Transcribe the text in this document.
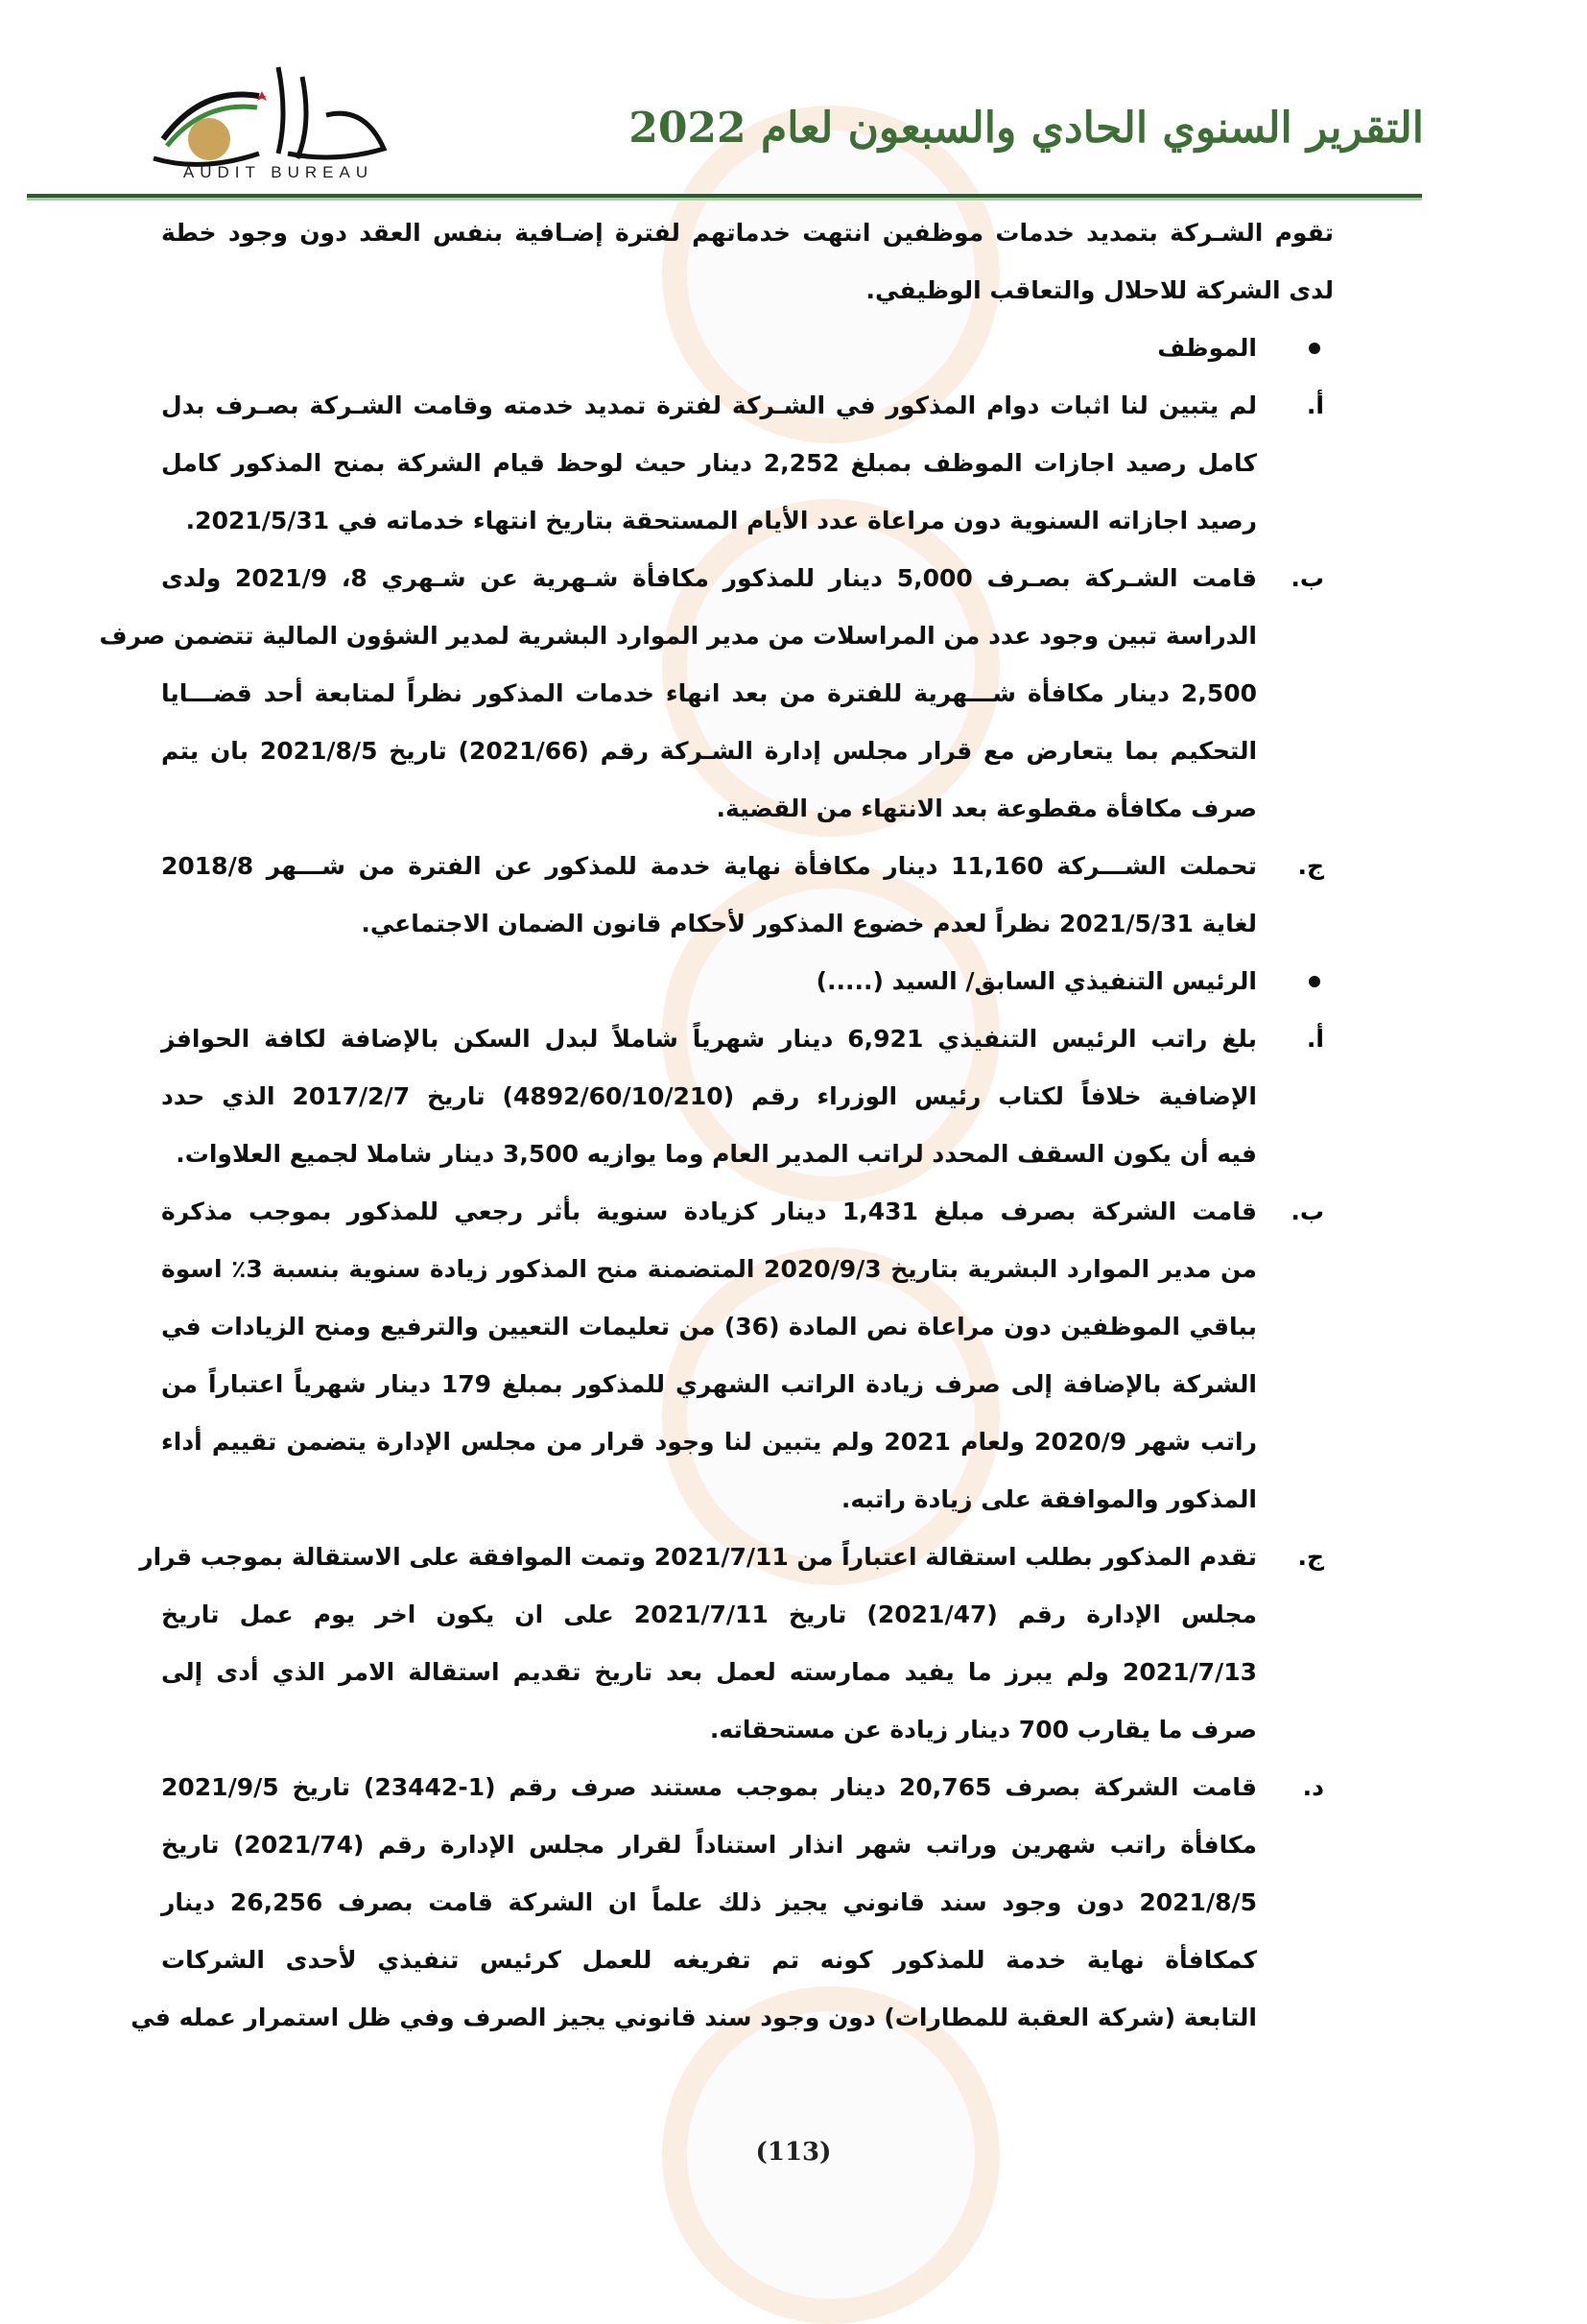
AUDIT BUREAU
التقرير السنوي الحادي والسبعون لعام 2022
تقوم الشـركة بتمديد خدمات موظفين انتهت خدماتهم لفترة إضـافية بنفس العقد دون وجود خطة
لدى الشركة للاحلال والتعاقب الوظيفي.
الموظف
أ.
لم يتبين لنا اثبات دوام المذكور في الشـركة لفترة تمديد خدمته وقامت الشـركة بصـرف بدل
كامل رصيد اجازات الموظف بمبلغ 2,252 دينار حيث لوحظ قيام الشركة بمنح المذكور كامل
رصيد اجازاته السنوية دون مراعاة عدد الأيام المستحقة بتاريخ انتهاء خدماته في 2021/5/31.
ب.
قامت الشـركة بصـرف 5,000 دينار للمذكور مكافأة شـهرية عن شـهري 8، 2021/9 ولدى
الدراسة تبين وجود عدد من المراسلات من مدير الموارد البشرية لمدير الشؤون المالية تتضمن صرف
2,500 دينار مكافأة شـــهرية للفترة من بعد انهاء خدمات المذكور نظراً لمتابعة أحد قضـــايا
التحكيم بما يتعارض مع قرار مجلس إدارة الشـركة رقم (2021/66) تاريخ 2021/8/5 بان يتم
صرف مكافأة مقطوعة بعد الانتهاء من القضية.
ج.
تحملت الشـــركة 11,160 دينار مكافأة نهاية خدمة للمذكور عن الفترة من شـــهر 2018/8
لغاية 2021/5/31 نظراً لعدم خضوع المذكور لأحكام قانون الضمان الاجتماعي.
الرئيس التنفيذي السابق/ السيد (.....)
أ.
بلغ راتب الرئيس التنفيذي 6,921 دينار شهرياً شاملاً لبدل السكن بالإضافة لكافة الحوافز
الإضافية خلافاً لكتاب رئيس الوزراء رقم (4892/60/10/210) تاريخ 2017/2/7 الذي حدد
فيه أن يكون السقف المحدد لراتب المدير العام وما يوازيه 3,500 دينار شاملا لجميع العلاوات.
ب.
قامت الشركة بصرف مبلغ 1,431 دينار كزيادة سنوية بأثر رجعي للمذكور بموجب مذكرة
من مدير الموارد البشرية بتاريخ 2020/9/3 المتضمنة منح المذكور زيادة سنوية بنسبة 3٪ اسوة
بباقي الموظفين دون مراعاة نص المادة (36) من تعليمات التعيين والترفيع ومنح الزيادات في
الشركة بالإضافة إلى صرف زيادة الراتب الشهري للمذكور بمبلغ 179 دينار شهرياً اعتباراً من
راتب شهر 2020/9 ولعام 2021 ولم يتبين لنا وجود قرار من مجلس الإدارة يتضمن تقييم أداء
المذكور والموافقة على زيادة راتبه.
ج.
تقدم المذكور بطلب استقالة اعتباراً من 2021/7/11 وتمت الموافقة على الاستقالة بموجب قرار
مجلس الإدارة رقم (2021/47) تاريخ 2021/7/11 على ان يكون اخر يوم عمل تاريخ
2021/7/13 ولم يبرز ما يفيد ممارسته لعمل بعد تاريخ تقديم استقالة الامر الذي أدى إلى
صرف ما يقارب 700 دينار زيادة عن مستحقاته.
د.
قامت الشركة بصرف 20,765 دينار بموجب مستند صرف رقم (1-23442) تاريخ 2021/9/5
مكافأة راتب شهرين وراتب شهر انذار استناداً لقرار مجلس الإدارة رقم (2021/74) تاريخ
2021/8/5 دون وجود سند قانوني يجيز ذلك علماً ان الشركة قامت بصرف 26,256 دينار
كمكافأة نهاية خدمة للمذكور كونه تم تفريغه للعمل كرئيس تنفيذي لأحدى الشركات
التابعة (شركة العقبة للمطارات) دون وجود سند قانوني يجيز الصرف وفي ظل استمرار عمله في
(113)
